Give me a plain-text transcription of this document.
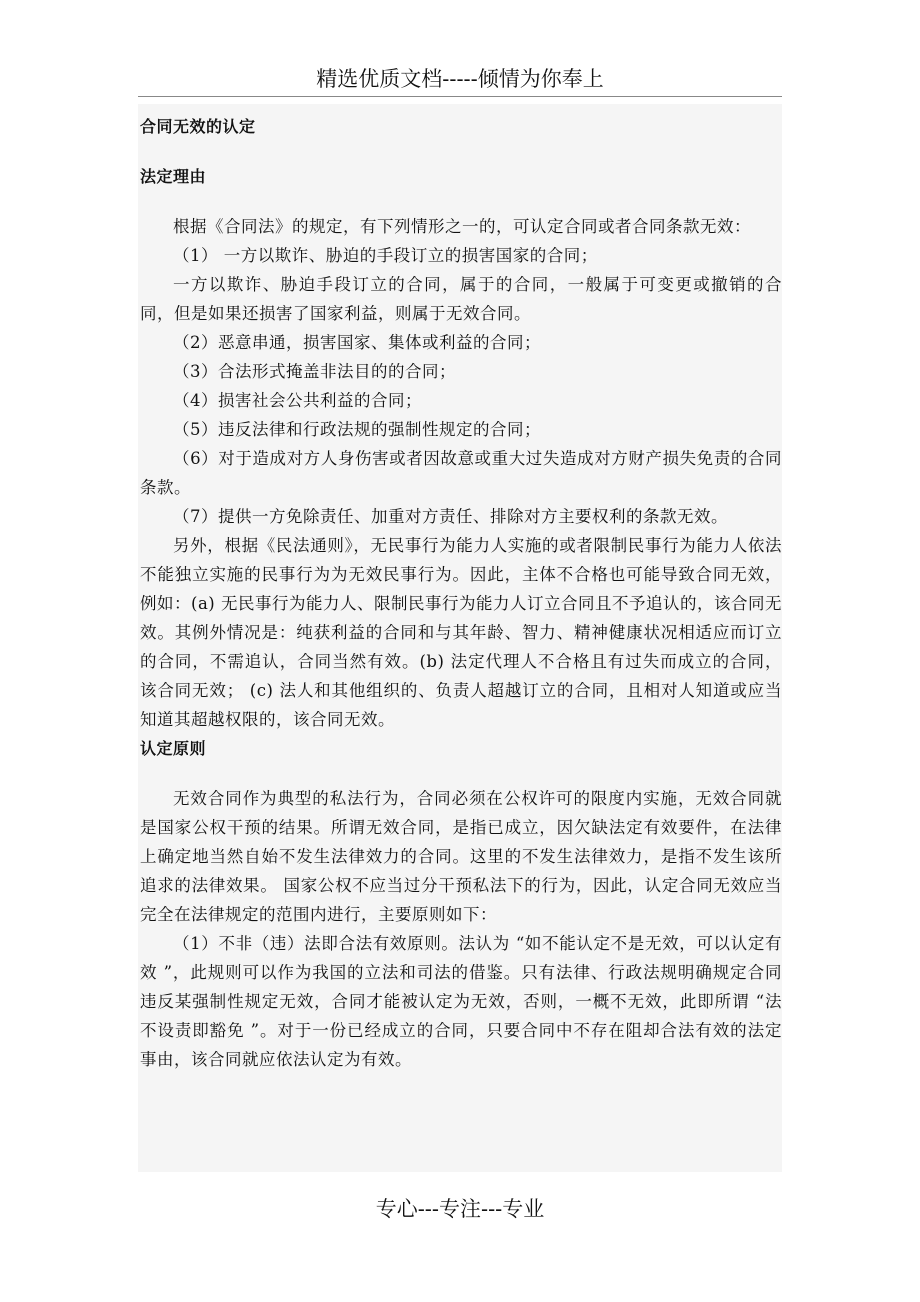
精选优质文档-----倾情为你奉上

合同无效的认定

法定理由

根据《合同法》的规定，有下列情形之一的，可认定合同或者合同条款无效：

（1） 一方以欺诈、胁迫的手段订立的损害国家的合同；

一方以欺诈、胁迫手段订立的合同，属于的合同，一般属于可变更或撤销的合同，但是如果还损害了国家利益，则属于无效合同。

（2）恶意串通，损害国家、集体或利益的合同；

（3）合法形式掩盖非法目的的合同；

（4）损害社会公共利益的合同；

（5）违反法律和行政法规的强制性规定的合同；

（6）对于造成对方人身伤害或者因故意或重大过失造成对方财产损失免责的合同条款。

（7）提供一方免除责任、加重对方责任、排除对方主要权利的条款无效。

另外，根据《民法通则》，无民事行为能力人实施的或者限制民事行为能力人依法不能独立实施的民事行为为无效民事行为。因此，主体不合格也可能导致合同无效，例如：(a) 无民事行为能力人、限制民事行为能力人订立合同且不予追认的，该合同无效。其例外情况是：纯获利益的合同和与其年龄、智力、精神健康状况相适应而订立的合同，不需追认，合同当然有效。(b) 法定代理人不合格且有过失而成立的合同，该合同无效； (c) 法人和其他组织的、负责人超越订立的合同，且相对人知道或应当知道其超越权限的，该合同无效。

认定原则

无效合同作为典型的私法行为，合同必须在公权许可的限度内实施，无效合同就是国家公权干预的结果。所谓无效合同，是指已成立，因欠缺法定有效要件，在法律上确定地当然自始不发生法律效力的合同。这里的不发生法律效力，是指不发生该所追求的法律效果。 国家公权不应当过分干预私法下的行为，因此，认定合同无效应当完全在法律规定的范围内进行，主要原则如下：

（1）不非（违）法即合法有效原则。法认为 “如不能认定不是无效，可以认定有效 ”，此规则可以作为我国的立法和司法的借鉴。只有法律、行政法规明确规定合同违反某强制性规定无效，合同才能被认定为无效，否则，一概不无效，此即所谓 “法不设责即豁免 ”。对于一份已经成立的合同，只要合同中不存在阻却合法有效的法定事由，该合同就应依法认定为有效。

专心---专注---专业
